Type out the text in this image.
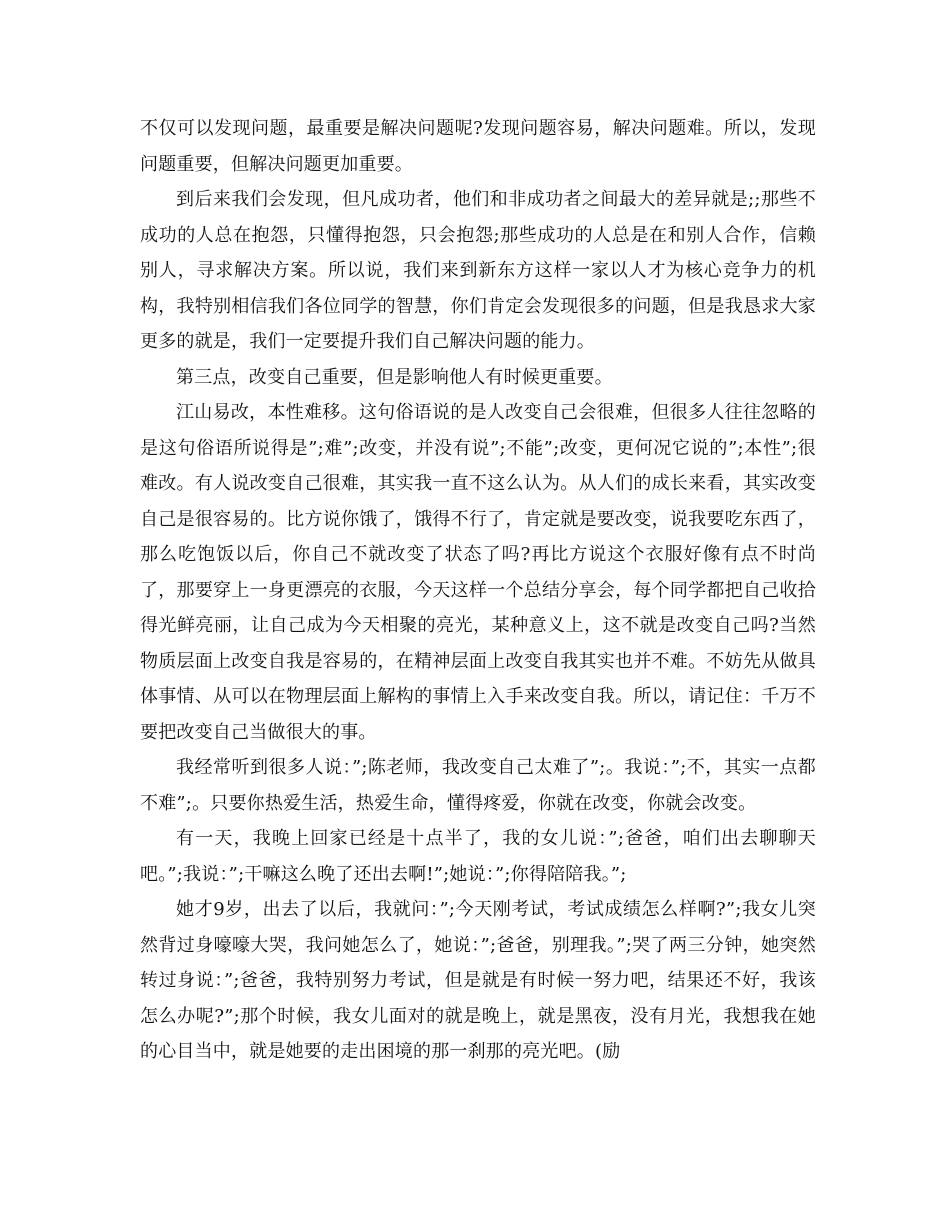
不仅可以发现问题，最重要是解决问题呢?发现问题容易，解决问题难。所以，发现问题重要，但解决问题更加重要。

到后来我们会发现，但凡成功者，他们和非成功者之间最大的差异就是;;那些不成功的人总在抱怨，只懂得抱怨，只会抱怨;那些成功的人总是在和别人合作，信赖别人，寻求解决方案。所以说，我们来到新东方这样一家以人才为核心竞争力的机构，我特别相信我们各位同学的智慧，你们肯定会发现很多的问题，但是我恳求大家更多的就是，我们一定要提升我们自己解决问题的能力。

第三点，改变自己重要，但是影响他人有时候更重要。

江山易改，本性难移。这句俗语说的是人改变自己会很难，但很多人往往忽略的是这句俗语所说得是”;难”;改变，并没有说”;不能”;改变，更何况它说的”;本性”;很难改。有人说改变自己很难，其实我一直不这么认为。从人们的成长来看，其实改变自己是很容易的。比方说你饿了，饿得不行了，肯定就是要改变，说我要吃东西了，那么吃饱饭以后，你自己不就改变了状态了吗?再比方说这个衣服好像有点不时尚了，那要穿上一身更漂亮的衣服，今天这样一个总结分享会，每个同学都把自己收拾得光鲜亮丽，让自己成为今天相聚的亮光，某种意义上，这不就是改变自己吗?当然物质层面上改变自我是容易的，在精神层面上改变自我其实也并不难。不妨先从做具体事情、从可以在物理层面上解构的事情上入手来改变自我。所以，请记住：千万不要把改变自己当做很大的事。

我经常听到很多人说：”;陈老师，我改变自己太难了”;。我说：”;不，其实一点都不难”;。只要你热爱生活，热爱生命，懂得疼爱，你就在改变，你就会改变。

有一天，我晚上回家已经是十点半了，我的女儿说：”;爸爸，咱们出去聊聊天吧。”;我说：”;干嘛这么晚了还出去啊!”;她说：”;你得陪陪我。”;

她才9岁，出去了以后，我就问：”;今天刚考试，考试成绩怎么样啊?”;我女儿突然背过身嚎嚎大哭，我问她怎么了，她说：”;爸爸，别理我。”;哭了两三分钟，她突然转过身说：”;爸爸，我特别努力考试，但是就是有时候一努力吧，结果还不好，我该怎么办呢?”;那个时候，我女儿面对的就是晚上，就是黑夜，没有月光，我想我在她的心目当中，就是她要的走出困境的那一刹那的亮光吧。(励
